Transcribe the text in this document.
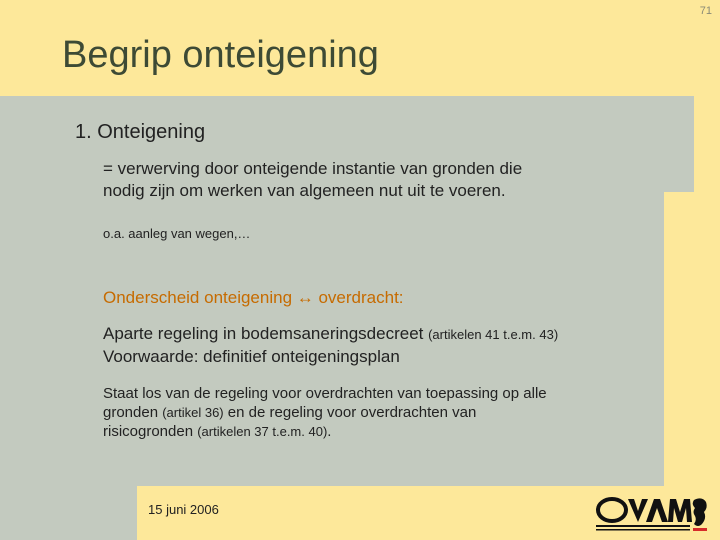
71
Begrip onteigening
1. Onteigening
= verwerving door onteigende instantie van gronden die
nodig zijn om werken van algemeen nut uit te voeren.
o.a. aanleg van wegen,…
Onderscheid onteigening ↔ overdracht:
Aparte regeling in bodemsaneringsdecreet (artikelen 41 t.e.m. 43)
Voorwaarde: definitief onteigeningsplan
Staat los van de regeling voor overdrachten van toepassing op alle
gronden (artikel 36) en de regeling voor overdrachten van
risicogronden (artikelen 37 t.e.m. 40).
15 juni 2006
